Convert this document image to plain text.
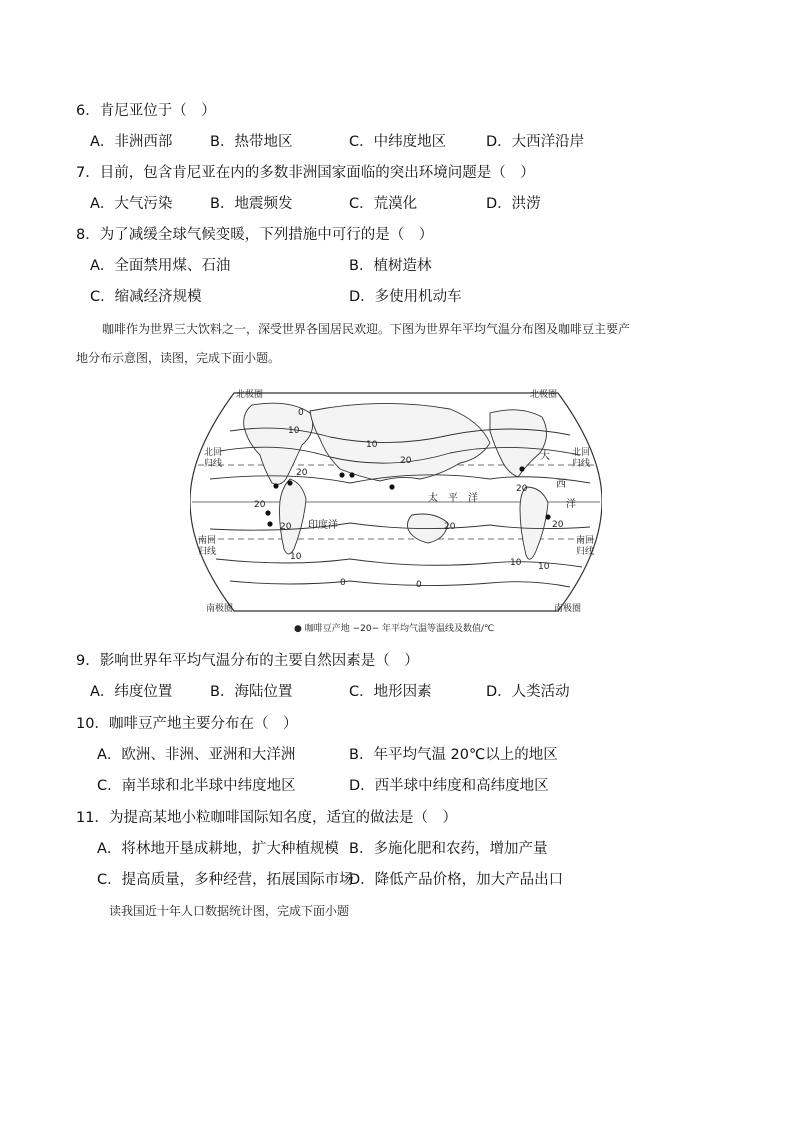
6．肯尼亚位于（　）
A．非洲西部	B．热带地区	C．中纬度地区	D．大西洋沿岸
7．目前，包含肯尼亚在内的多数非洲国家面临的突出环境问题是（　）
A．大气污染	B．地震频发	C．荒漠化	D．洪涝
8．为了减缓全球气候变暖，下列措施中可行的是（　）
A．全面禁用煤、石油	B．植树造林
C．缩减经济规模	D．多使用机动车
咖啡作为世界三大饮料之一，深受世界各国居民欢迎。下图为世界年平均气温分布图及咖啡豆主要产
地分布示意图，读图，完成下面小题。
北极圈	北极圈
北回
归线
北回
归线
南回
归线
南回
归线
南极圈	南极圈
太　平　洋
印度洋
大
西
洋
10
10
0
20
20
20
20	20
20
10
10
0	0
10
20
● 咖啡豆产地 −20− 年平均气温等温线及数值/℃
9．影响世界年平均气温分布的主要自然因素是（　）
A．纬度位置	B．海陆位置	C．地形因素	D．人类活动
10．咖啡豆产地主要分布在（　）
A．欧洲、非洲、亚洲和大洋洲	B．年平均气温 20℃以上的地区
C．南半球和北半球中纬度地区	D．西半球中纬度和高纬度地区
11．为提高某地小粒咖啡国际知名度，适宜的做法是（　）
A．将林地开垦成耕地，扩大种植规模 B．多施化肥和农药，增加产量
C．提高质量，多种经营，拓展国际市场
D．降低产品价格，加大产品出口
读我国近十年人口数据统计图，完成下面小题
